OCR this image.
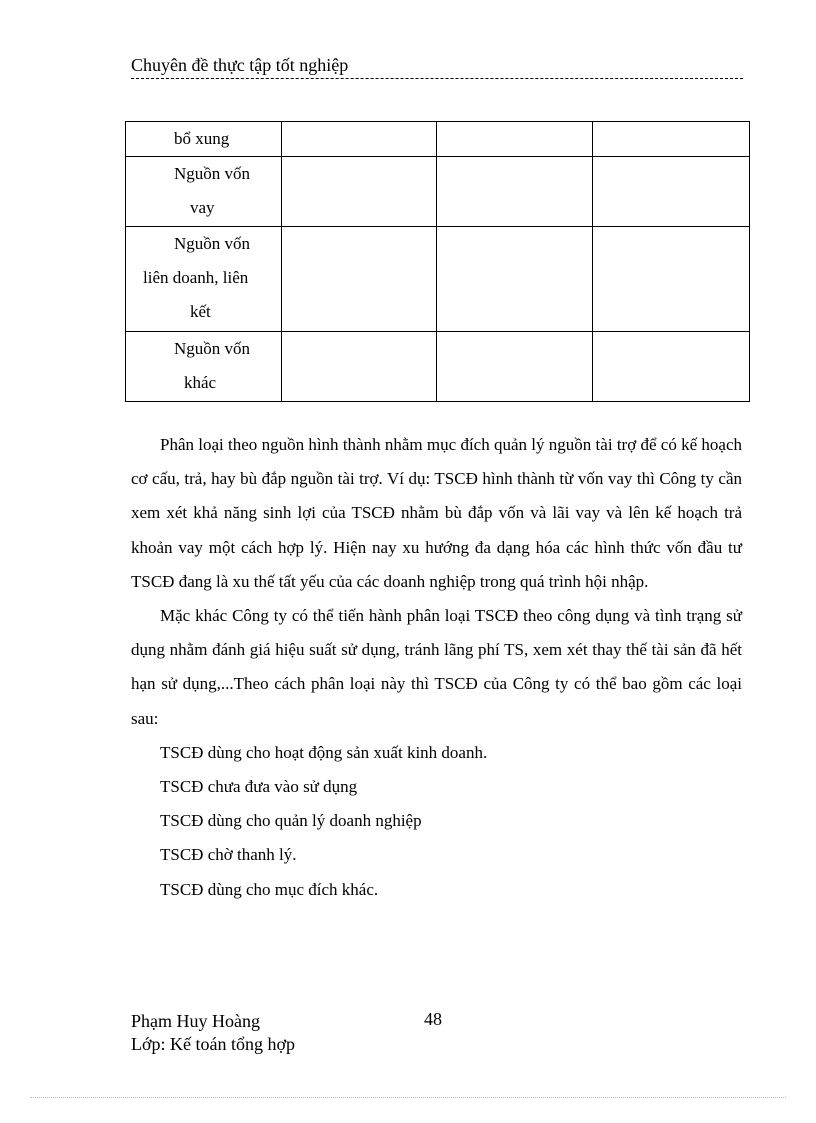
Chuyên đề thực tập tốt nghiệp
bổ xung			

Nguồn vốn
vay			

Nguồn vốn
liên doanh, liên
kết			

Nguồn vốn
khác			

Phân loại theo nguồn hình thành nhằm mục đích quản lý nguồn tài trợ để có kế hoạch cơ cấu, trả, hay bù đắp nguồn tài trợ. Ví dụ: TSCĐ hình thành từ vốn vay thì Công ty cần xem xét khả năng sinh lợi của TSCĐ nhằm bù đắp vốn và lãi vay và lên kế hoạch trả khoản vay một cách hợp lý. Hiện nay xu hướng đa dạng hóa các hình thức vốn đầu tư TSCĐ đang là xu thế tất yếu của các doanh nghiệp trong quá trình hội nhập.

Mặc khác Công ty có thể tiến hành phân loại TSCĐ theo công dụng và tình trạng sử dụng nhằm đánh giá hiệu suất sử dụng, tránh lãng phí TS, xem xét thay thế tài sản đã hết hạn sử dụng,...Theo cách phân loại này thì TSCĐ của Công ty có thể bao gồm các loại sau:

TSCĐ dùng cho hoạt động sản xuất kinh doanh.

TSCĐ chưa đưa vào sử dụng

TSCĐ dùng cho quản lý doanh nghiệp

TSCĐ chờ thanh lý.

TSCĐ dùng cho mục đích khác.

Phạm Huy Hoàng	48
Lớp: Kế toán tổng hợp
